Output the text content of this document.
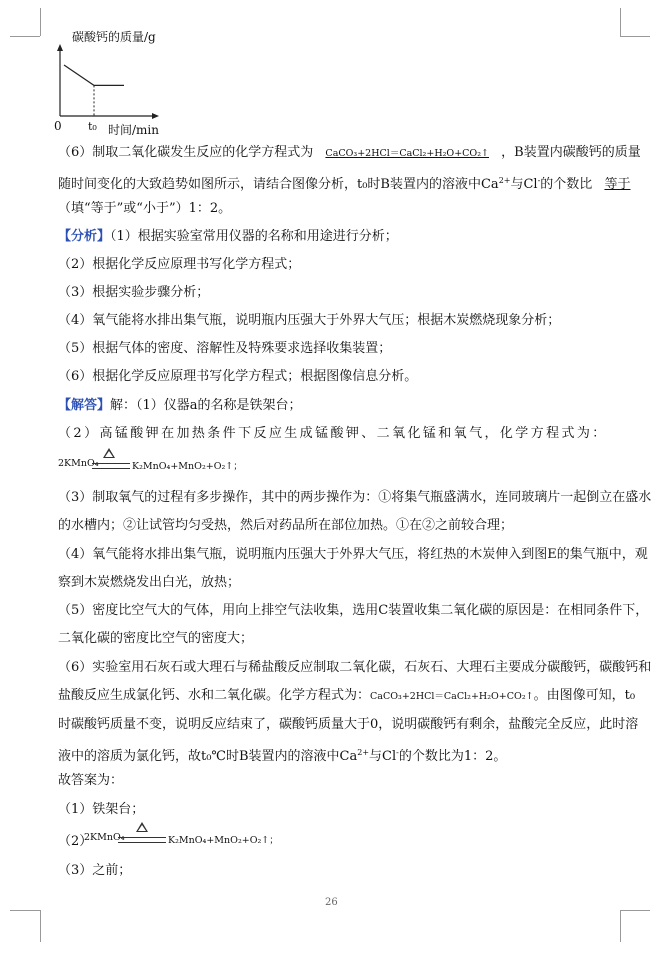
碳酸钙的质量/g
0 t₀ 时间/min
（6）制取二氧化碳发生反应的化学方程式为 CaCO₃+2HCl＝CaCl₂+H₂O+CO₂↑ ，B装置内碳酸钙的质量
随时间变化的大致趋势如图所示，请结合图像分析，t₀时B装置内的溶液中$Ca^{2+}$与Cl-的个数比 等于
（填“等于”或“小于”）1：2。
【分析】（1）根据实验室常用仪器的名称和用途进行分析；
（2）根据化学反应原理书写化学方程式；
（3）根据实验步骤分析；
（4）氧气能将水排出集气瓶，说明瓶内压强大于外界大气压；根据木炭燃烧现象分析；
（5）根据气体的密度、溶解性及特殊要求选择收集装置；
（6）根据化学反应原理书写化学方程式；根据图像信息分析。
【解答】解：（1）仪器a的名称是铁架台；
（2）高锰酸钾在加热条件下反应生成锰酸钾、二氧化锰和氧气，化学方程式为：
2KMnO₄	K₂MnO₄+MnO₂+O₂↑；
（3）制取氧气的过程有多步操作，其中的两步操作为：①将集气瓶盛满水，连同玻璃片一起倒立在盛水
的水槽内；②让试管均匀受热，然后对药品所在部位加热。①在②之前较合理；
（4）氧气能将水排出集气瓶，说明瓶内压强大于外界大气压，将红热的木炭伸入到图E的集气瓶中，观
察到木炭燃烧发出白光，放热；
（5）密度比空气大的气体，用向上排空气法收集，选用C装置收集二氧化碳的原因是：在相同条件下，
二氧化碳的密度比空气的密度大；
（6）实验室用石灰石或大理石与稀盐酸反应制取二氧化碳，石灰石、大理石主要成分碳酸钙，碳酸钙和
盐酸反应生成氯化钙、水和二氧化碳。化学方程式为：CaCO₃+2HCl＝CaCl₂+H₂O+CO₂↑。由图像可知，t₀
时碳酸钙质量不变，说明反应结束了，碳酸钙质量大于0，说明碳酸钙有剩余，盐酸完全反应，此时溶
液中的溶质为氯化钙，故t₀℃时B装置内的溶液中$Ca^{2+}$与Cl-的个数比为1：2。
故答案为：
（1）铁架台；
（2）
2KMnO₄	K₂MnO₄+MnO₂+O₂↑；
（3）之前；
26
